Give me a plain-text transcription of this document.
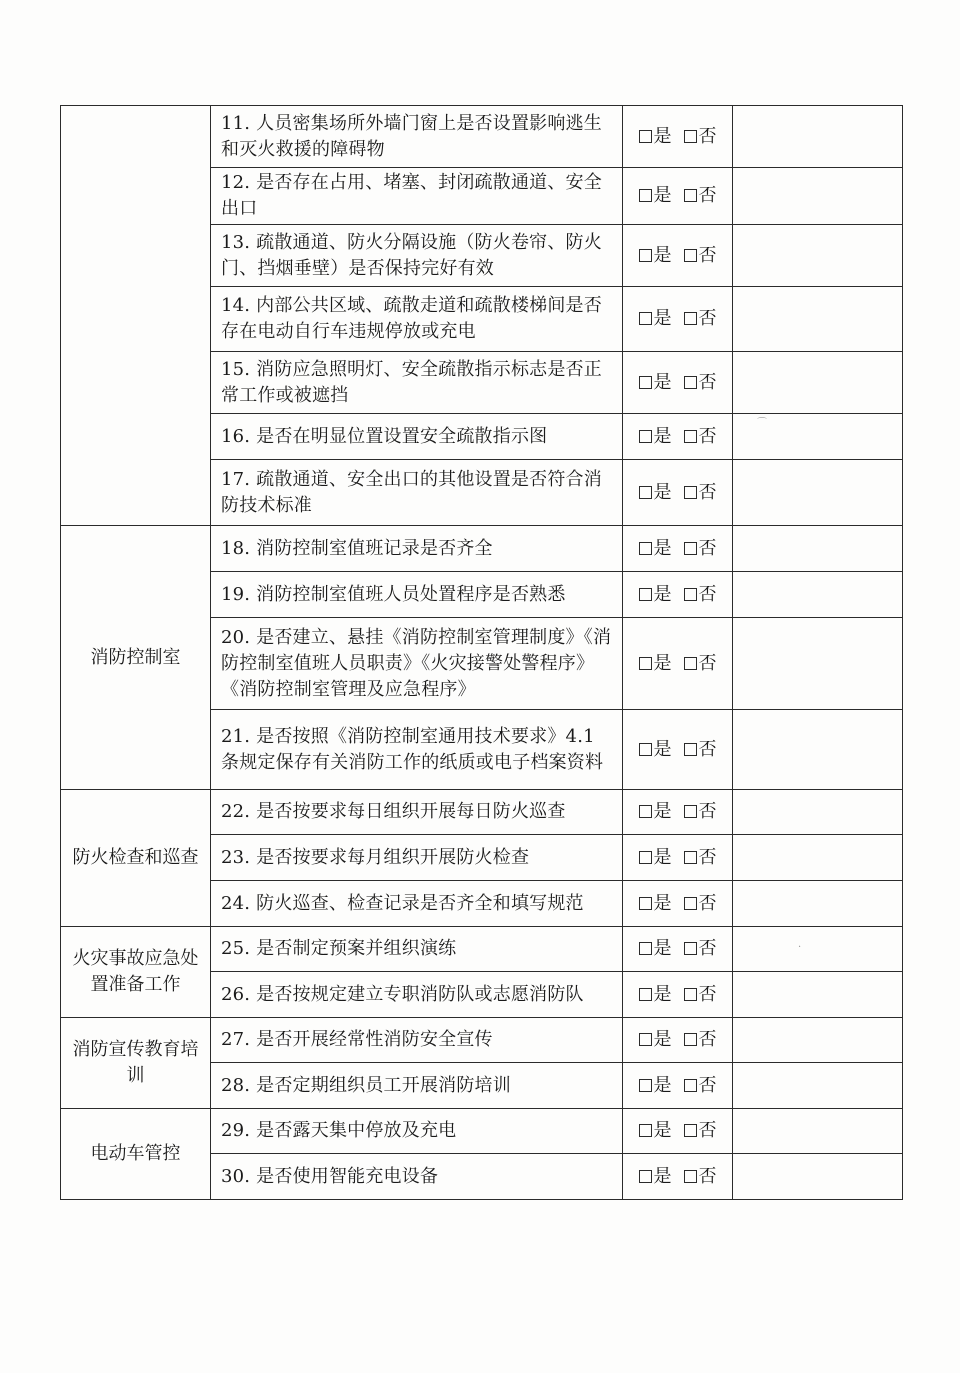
	11. 人员密集场所外墙门窗上是否设置影响逃生和灭火救援的障碍物	是 否	
	12. 是否存在占用、堵塞、封闭疏散通道、安全出口	是 否	
	13. 疏散通道、防火分隔设施（防火卷帘、防火门、挡烟垂壁）是否保持完好有效	是 否	
	14. 内部公共区域、疏散走道和疏散楼梯间是否存在电动自行车违规停放或充电	是 否	
	15. 消防应急照明灯、安全疏散指示标志是否正常工作或被遮挡	是 否	
	16. 是否在明显位置设置安全疏散指示图	是 否	
	17. 疏散通道、安全出口的其他设置是否符合消防技术标准	是 否	
消防控制室	18. 消防控制室值班记录是否齐全	是 否	
	19. 消防控制室值班人员处置程序是否熟悉	是 否	
	20. 是否建立、悬挂《消防控制室管理制度》《消防控制室值班人员职责》《火灾接警处警程序》《消防控制室管理及应急程序》	是 否	
	21. 是否按照《消防控制室通用技术要求》4.1 条规定保存有关消防工作的纸质或电子档案资料	是 否	
防火检查和巡查	22. 是否按要求每日组织开展每日防火巡查	是 否	
	23. 是否按要求每月组织开展防火检查	是 否	
	24. 防火巡查、检查记录是否齐全和填写规范	是 否	
火灾事故应急处置准备工作	25. 是否制定预案并组织演练	是 否	
	26. 是否按规定建立专职消防队或志愿消防队	是 否	
消防宣传教育培训	27. 是否开展经常性消防安全宣传	是 否	
	28. 是否定期组织员工开展消防培训	是 否	
电动车管控	29. 是否露天集中停放及充电	是 否	
	30. 是否使用智能充电设备	是 否	
⌒
·
